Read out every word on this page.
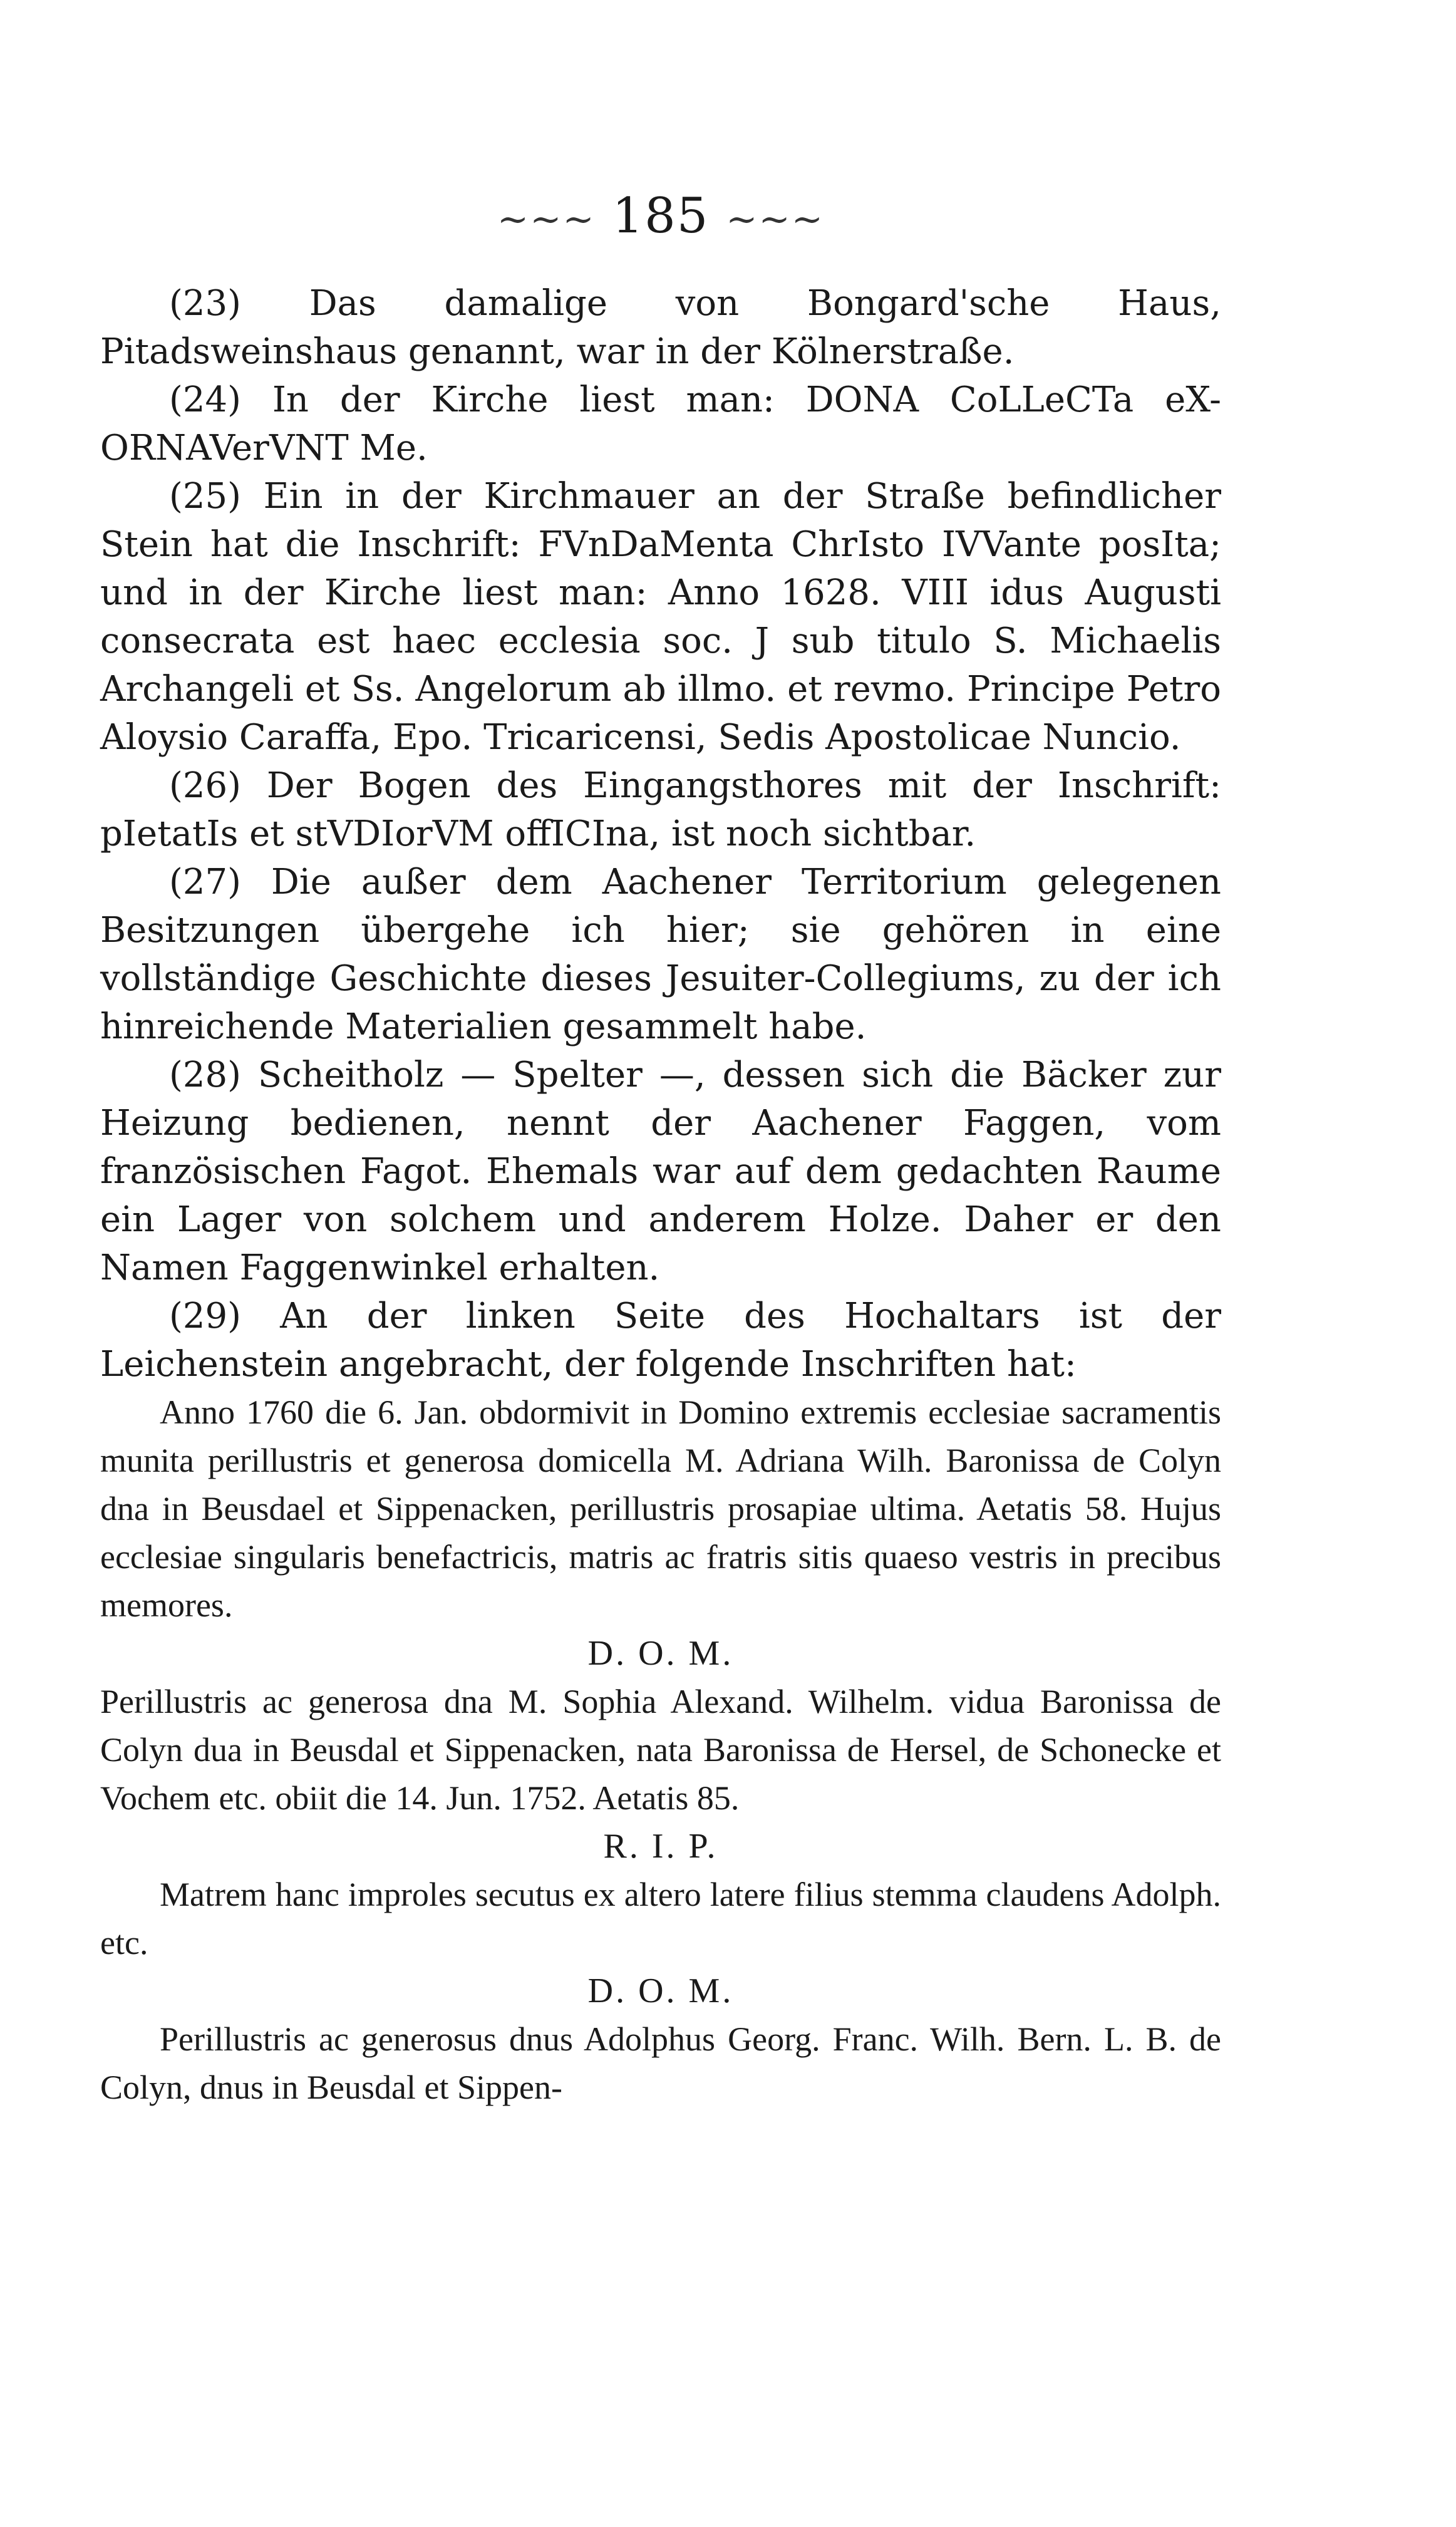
~~~ 185 ~~~

(23) Das damalige von Bongard'sche Haus, Pitadsweinshaus genannt, war in der Kölnerstraße.

(24) In der Kirche liest man: DONA CoLLeCTa eX-ORNAVerVNT Me.

(25) Ein in der Kirchmauer an der Straße befindlicher Stein hat die Inschrift: FVnDaMenta ChrIsto IVVante posIta; und in der Kirche liest man: Anno 1628. VIII idus Augusti consecrata est haec ecclesia soc. J sub titulo S. Michaelis Archangeli et Ss. Angelorum ab illmo. et revmo. Principe Petro Aloysio Caraffa, Epo. Tricaricensi, Sedis Apostolicae Nuncio.

(26) Der Bogen des Eingangsthores mit der Inschrift: pIetatIs et stVDIorVM offICIna, ist noch sichtbar.

(27) Die außer dem Aachener Territorium gelegenen Besitzungen übergehe ich hier; sie gehören in eine vollständige Geschichte dieses Jesuiter-Collegiums, zu der ich hinreichende Materialien gesammelt habe.

(28) Scheitholz — Spelter —, dessen sich die Bäcker zur Heizung bedienen, nennt der Aachener Faggen, vom französischen Fagot. Ehemals war auf dem gedachten Raume ein Lager von solchem und anderem Holze. Daher er den Namen Faggenwinkel erhalten.

(29) An der linken Seite des Hochaltars ist der Leichenstein angebracht, der folgende Inschriften hat:

Anno 1760 die 6. Jan. obdormivit in Domino extremis ecclesiae sacramentis munita perillustris et generosa domicella M. Adriana Wilh. Baronissa de Colyn dna in Beusdael et Sippenacken, perillustris prosapiae ultima. Aetatis 58. Hujus ecclesiae singularis benefactricis, matris ac fratris sitis quaeso vestris in precibus memores.

D. O. M.

Perillustris ac generosa dna M. Sophia Alexand. Wilhelm. vidua Baronissa de Colyn dua in Beusdal et Sippenacken, nata Baronissa de Hersel, de Schonecke et Vochem etc. obiit die 14. Jun. 1752. Aetatis 85.

R. I. P.

Matrem hanc improles secutus ex altero latere filius stemma claudens Adolph. etc.

D. O. M.

Perillustris ac generosus dnus Adolphus Georg. Franc. Wilh. Bern. L. B. de Colyn, dnus in Beusdal et Sippen-
